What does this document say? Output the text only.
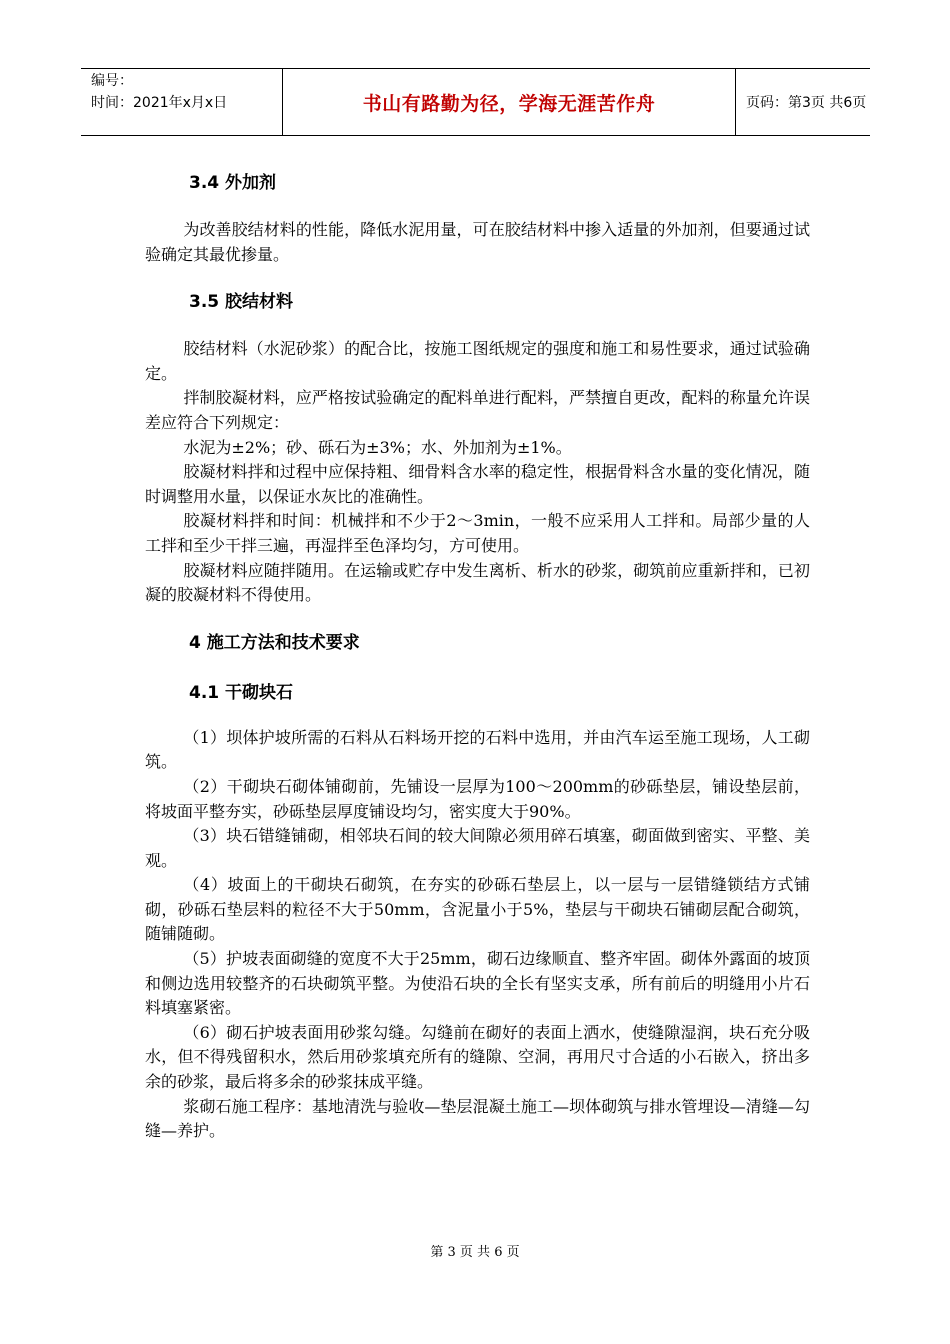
编号：
时间：2021年x月x日	书山有路勤为径，学海无涯苦作舟	页码：第3页 共6页
3.4 外加剂

为改善胶结材料的性能，降低水泥用量，可在胶结材料中掺入适量的外加剂，但要通过试验确定其最优掺量。

3.5 胶结材料

胶结材料（水泥砂浆）的配合比，按施工图纸规定的强度和施工和易性要求，通过试验确定。

拌制胶凝材料，应严格按试验确定的配料单进行配料，严禁擅自更改，配料的称量允许误差应符合下列规定：

水泥为±2%；砂、砾石为±3%；水、外加剂为±1%。

胶凝材料拌和过程中应保持粗、细骨料含水率的稳定性，根据骨料含水量的变化情况，随时调整用水量，以保证水灰比的准确性。

胶凝材料拌和时间：机械拌和不少于2～3min，一般不应采用人工拌和。局部少量的人工拌和至少干拌三遍，再湿拌至色泽均匀，方可使用。

胶凝材料应随拌随用。在运输或贮存中发生离析、析水的砂浆，砌筑前应重新拌和，已初凝的胶凝材料不得使用。

4 施工方法和技术要求
4.1 干砌块石

（1）坝体护坡所需的石料从石料场开挖的石料中选用，并由汽车运至施工现场，人工砌筑。

（2）干砌块石砌体铺砌前，先铺设一层厚为100～200mm的砂砾垫层，铺设垫层前，将坡面平整夯实，砂砾垫层厚度铺设均匀，密实度大于90%。

（3）块石错缝铺砌，相邻块石间的较大间隙必须用碎石填塞，砌面做到密实、平整、美观。

（4）坡面上的干砌块石砌筑，在夯实的砂砾石垫层上，以一层与一层错缝锁结方式铺砌，砂砾石垫层料的粒径不大于50mm，含泥量小于5%，垫层与干砌块石铺砌层配合砌筑，随铺随砌。

（5）护坡表面砌缝的宽度不大于25mm，砌石边缘顺直、整齐牢固。砌体外露面的坡顶和侧边选用较整齐的石块砌筑平整。为使沿石块的全长有坚实支承，所有前后的明缝用小片石料填塞紧密。

（6）砌石护坡表面用砂浆勾缝。勾缝前在砌好的表面上洒水，使缝隙湿润，块石充分吸水，但不得残留积水，然后用砂浆填充所有的缝隙、空洞，再用尺寸合适的小石嵌入，挤出多余的砂浆，最后将多余的砂浆抹成平缝。

浆砌石施工程序：基地清洗与验收—垫层混凝土施工—坝体砌筑与排水管埋设—清缝—勾缝—养护。

第 3 页 共 6 页
